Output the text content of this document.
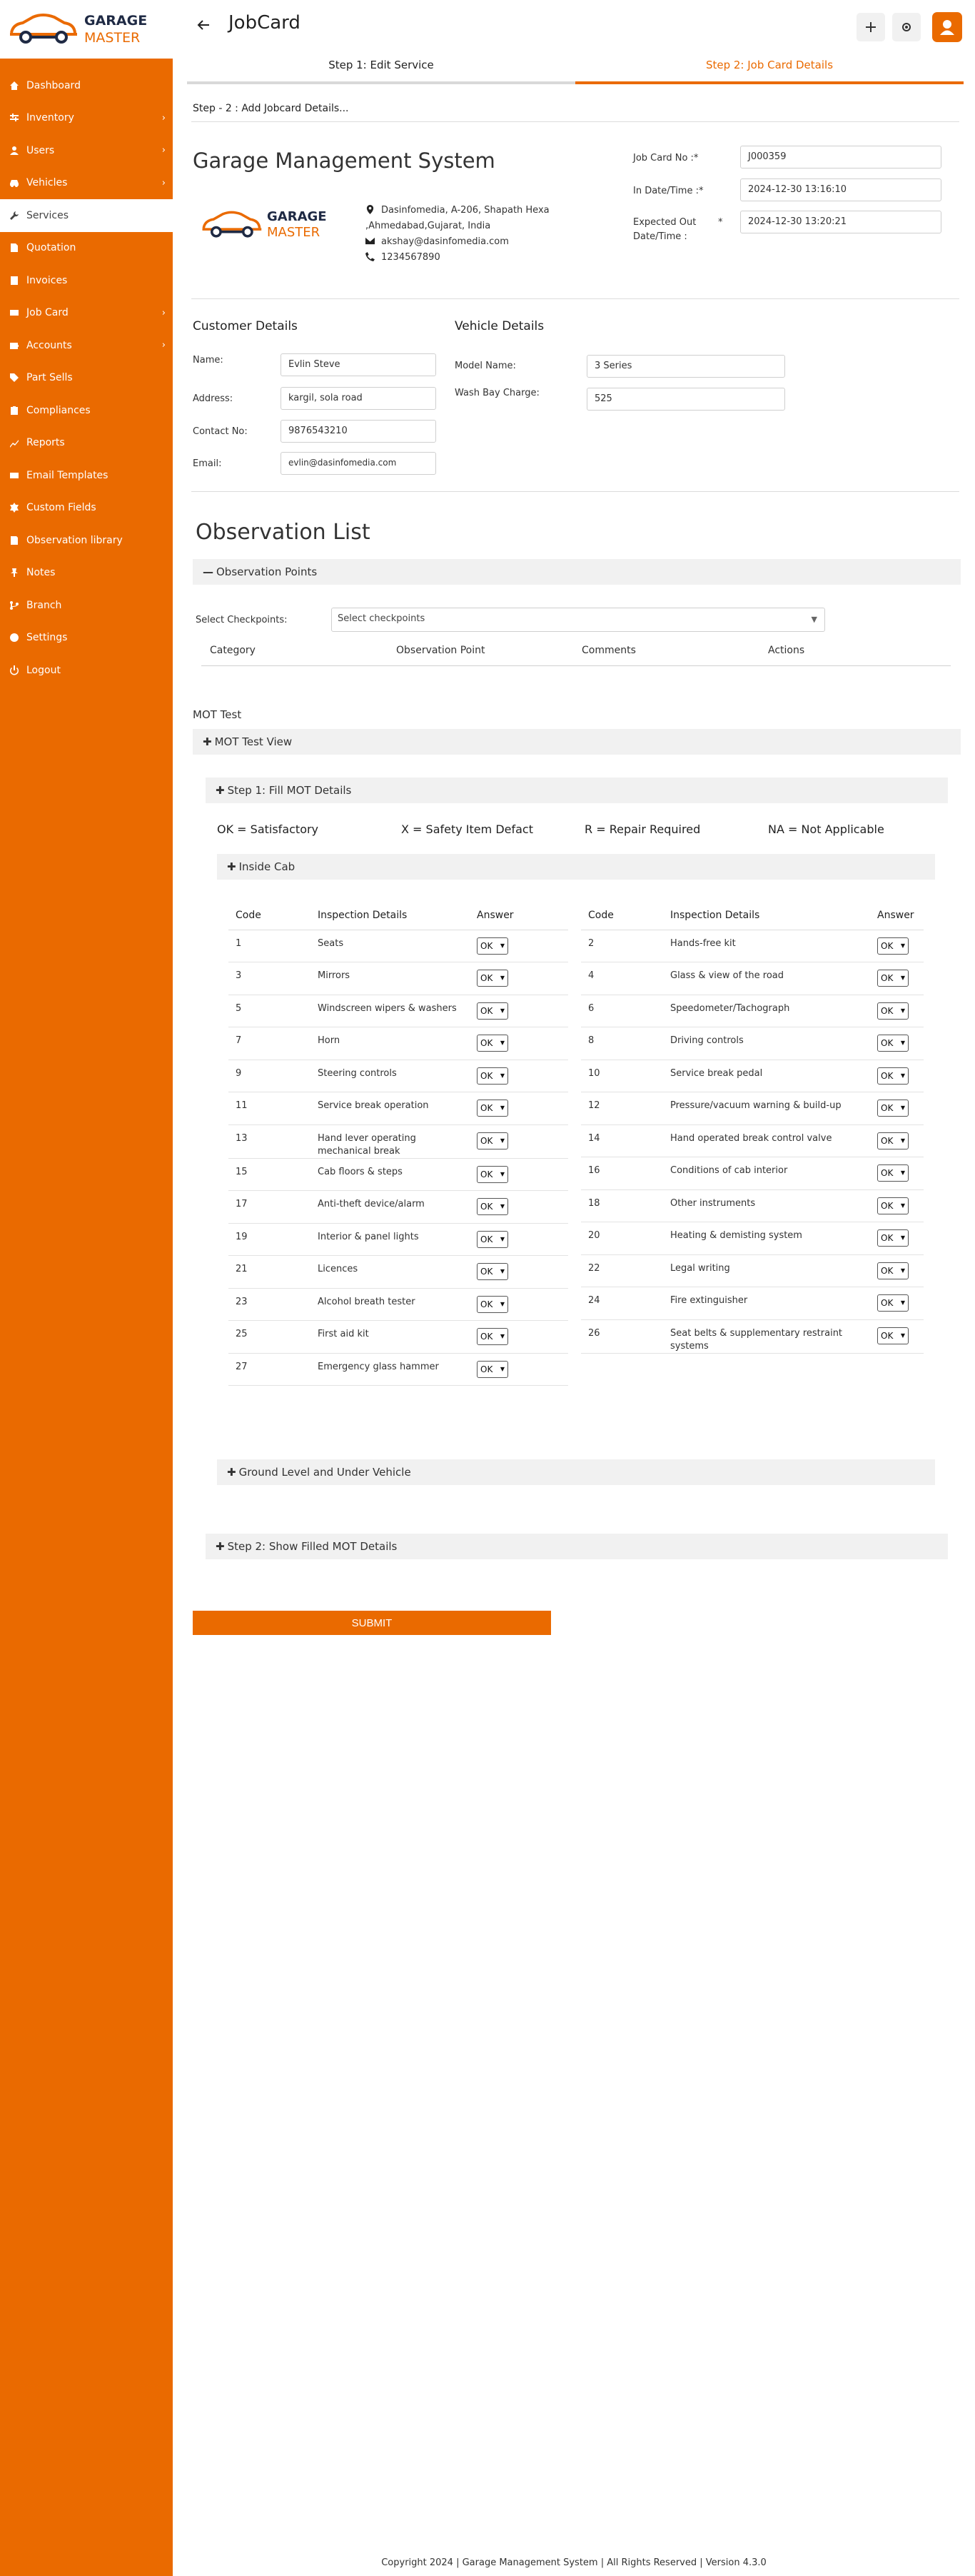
GARAGE
MASTER
Dashboard
Inventory	›
Users	›
Vehicles	›
Services
Quotation
Invoices
Job Card	›
Accounts	›
Part Sells
Compliances
Reports
Email Templates
Custom Fields
Observation library
Notes
Branch
Settings
Logout
JobCard
Step 1: Edit Service	Step 2: Job Card Details
Step - 2 : Add Jobcard Details...
Garage Management System
GARAGE
MASTER
Dasinfomedia, A-206, Shapath Hexa
,Ahmedabad,Gujarat, India
akshay@dasinfomedia.com
1234567890
Job Card No :*	J000359
In Date/Time :*	2024-12-30 13:16:10
Expected Out
Date/Time :
*	2024-12-30 13:20:21
Customer Details
Name:	Evlin Steve
Address:	kargil, sola road
Contact No:	9876543210
Email:	evlin@dasinfomedia.com
Vehicle Details
Model Name:	3 Series
Wash Bay Charge:
525
Observation List
— Observation Points
Select Checkpoints:	Select checkpoints	▼
Category	Observation Point	Comments	Actions
MOT Test
✚ MOT Test View
✚ Step 1: Fill MOT Details
OK = Satisfactory	X = Safety Item Defact	R = Repair Required	NA = Not Applicable
✚ Inside Cab
Code	Inspection Details	Answer
1	Seats	OK ▼

3	Mirrors	OK ▼

5	Windscreen wipers & washers	OK ▼

7	Horn	OK ▼

9	Steering controls	OK ▼

11	Service break operation	OK ▼

13	Hand lever operating mechanical break	OK ▼

15	Cab floors & steps	OK ▼

17	Anti-theft device/alarm	OK ▼

19	Interior & panel lights	OK ▼

21	Licences	OK ▼

23	Alcohol breath tester	OK ▼

25	First aid kit	OK ▼

27	Emergency glass hammer	OK ▼
Code	Inspection Details	Answer
2	Hands-free kit	OK ▼

4	Glass & view of the road	OK ▼

6	Speedometer/Tachograph	OK ▼

8	Driving controls	OK ▼

10	Service break pedal	OK ▼

12	Pressure/vacuum warning & build-up	OK ▼

14	Hand operated break control valve	OK ▼

16	Conditions of cab interior	OK ▼

18	Other instruments	OK ▼

20	Heating & demisting system	OK ▼

22	Legal writing	OK ▼

24	Fire extinguisher	OK ▼

26	Seat belts & supplementary restraint systems	OK ▼
✚ Ground Level and Under Vehicle
✚ Step 2: Show Filled MOT Details
SUBMIT
Copyright 2024 | Garage Management System | All Rights Reserved | Version 4.3.0
